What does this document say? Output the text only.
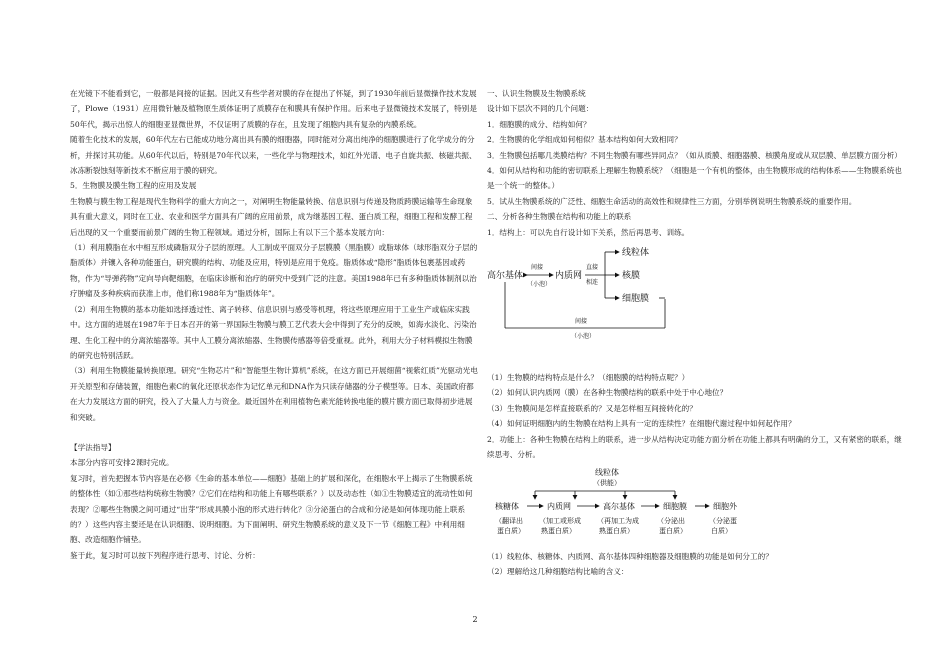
在光镜下不能看到它，一般都是间接的证据。因此又有些学者对膜的存在提出了怀疑，到了1930年前后显微操作技术发展了，Plowe（1931）应用微针触及植物原生质体证明了质膜存在和膜具有保护作用。后来电子显微镜技术发展了，特别是50年代，揭示出惊人的细胞亚显微世界，不仅证明了质膜的存在，且发现了细胞内具有复杂的内膜系统。

随着生化技术的发展，60年代左右已能成功地分离出具有膜的细胞器，同时能对分离出纯净的细胞膜进行了化学成分的分析，并探讨其功能。从60年代以后，特别是70年代以来，一些化学与物理技术，如红外光谱、电子自旋共振、核磁共振、冰冻断裂蚀刻等新技术不断应用于膜的研究。

5．生物膜及膜生物工程的应用及发展

生物膜与膜生物工程是现代生物科学的重大方向之一，对阐明生物能量转换、信息识别与传递及物质跨膜运输等生命现象具有重大意义，同时在工业、农业和医学方面具有广阔的应用前景，成为继基因工程、蛋白质工程，细胞工程和发酵工程后出现的又一个重要而前景广阔的生物工程领域。通过分析，国际上有以下三个基本发展方向：

（1）利用膜脂在水中相互形成磷脂双分子层的原理。人工制成平面双分子层膜膜（黑脂膜）或脂球体（球形脂双分子层的脂质体）并镶入各种功能蛋白，研究膜的结构、功能及应用，特别是应用于免疫。脂质体或“隐形”脂质体包裹基因或药物，作为“导弹药物”定向导向靶细胞，在临床诊断和治疗的研究中受到广泛的注意。美国1988年已有多种脂质体制剂以治疗肿瘤及多种疾病而获准上市，他们称1988年为“脂质体年”。

（2）利用生物膜的基本功能如选择透过性、离子转移、信息识别与感受等机理，将这些原理应用于工业生产或临床实践中。这方面的进展在1987年于日本召开的第一界国际生物膜与膜工艺代表大会中得到了充分的反映，如海水淡化、污染治理、生化工程中的分离浓缩器等。其中人工膜分离浓缩器、生物膜传感器等倍受重视。此外，利用大分子材料模拟生物膜的研究也特别活跃。

（3）利用生物膜能量转换原理。研究“生物芯片”和“智能型生物计算机”系统，在这方面已开展细菌“视紫红质”光驱动光电开关原型和存储装置，细胞色素C的氧化还原状态作为记忆单元和DNA作为只读存储器的分子模型等。日本、美国政府都在大力发展这方面的研究，投入了大量人力与资金。最近国外在利用植物色素光能转换电能的膜片膜方面已取得初步进展和突破。

【学法指导】

本部分内容可安排2课时完成。

复习时，首先把握本节内容是在必修《生命的基本单位——细胞》基础上的扩展和深化，在细胞水平上揭示了生物膜系统的整体性（如①那些结构统称生物膜？②它们在结构和功能上有哪些联系？）以及动态性（如①生物膜适宜的流动性如何表现？②哪些生物膜之间可通过“出芽”形成具膜小泡的形式进行转化？③分泌蛋白的合成和分泌是如何体现功能上联系的？）这些内容主要还是在认识细胞、说明细胞。为下面阐明、研究生物膜系统的意义及下一节《细胞工程》中利用细胞、改造细胞作铺垫。

鉴于此，复习时可以按下列程序进行思考、讨论、分析：

一、认识生物膜及生物膜系统

设计如下层次不同的几个问题：

1．细胞膜的成分、结构如何？

2．生物膜的化学组成如何相似？基本结构如何大致相同？

3．生物膜包括哪几类膜结构？不同生物膜有哪些异同点？（如从质膜、细胞器膜、核膜角度或从双层膜、单层膜方面分析）

4．如何从结构和功能的密切联系上理解生物膜系统？（细胞是一个有机的整体，由生物膜形成的结构体系——生物膜系统也是一个统一的整体。）

5．试从生物膜系统的广泛性、细胞生命活动的高效性和规律性三方面，分别举例说明生物膜系统的重要作用。

二、分析各种生物膜在结构和功能上的联系

1．结构上：可以先自行设计如下关系，然后再思考、训练。

高尔基体
间接
（小泡）
内质网
直接
相连
线粒体
核膜
细胞膜
间接
（小泡）

（1）生物膜的结构特点是什么？（细胞膜的结构特点呢？）

（2）如何认识内质网（膜）在各种生物膜结构的联系中处于中心地位？

（3）生物膜间是怎样直接联系的？又是怎样相互间接转化的？

（4）如何证明细胞内的生物膜在结构上具有一定的连续性？在细胞代谢过程中如何起作用？

2．功能上：各种生物膜在结构上的联系，进一步从结构决定功能方面分析在功能上都具有明确的分工，又有紧密的联系，继续思考、分析。

线粒体
（供能）
核糖体	内质网	高尔基体	细胞膜	细胞外
（翻译出
蛋白质）
（加工或形成
熟蛋白质）
（再加工为成
熟蛋白质）
（分泌出
蛋白质）
（分泌蛋
白质）

（1）线粒体、核糖体、内质网、高尔基体四种细胞器及细胞膜的功能是如何分工的？

（2）理解给这几种细胞结构比喻的含义：

2
